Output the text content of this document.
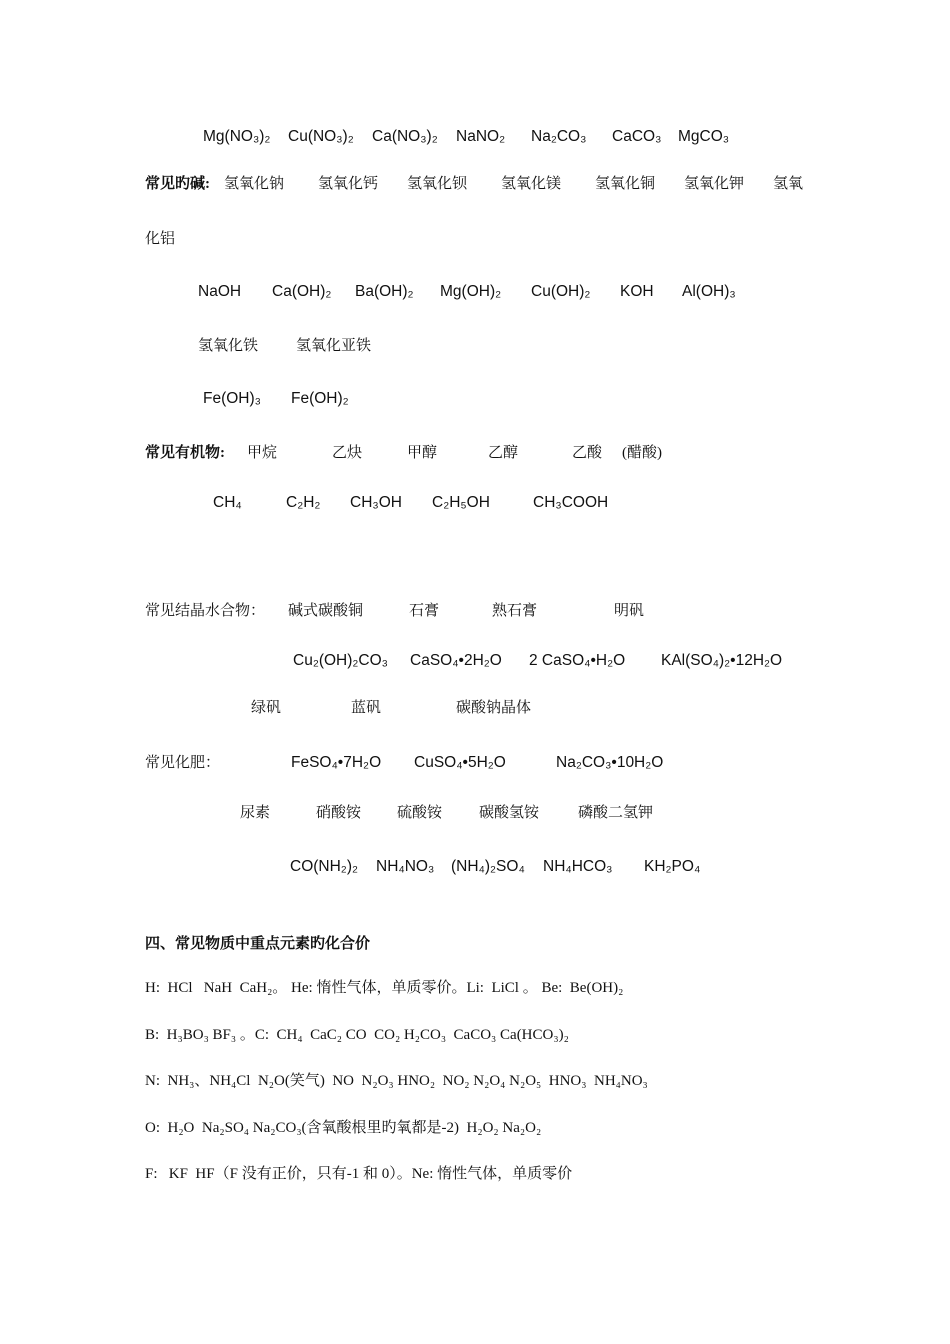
Mg(NO₃)₂ Cu(NO₃)₂ Ca(NO₃)₂ NaNO₂ Na₂CO₃ CaCO₃ MgCO₃
常见旳碱: 氢氧化钠 氢氧化钙 氢氧化钡 氢氧化镁 氢氧化铜 氢氧化钾 氢氧
化铝
NaOH Ca(OH)₂ Ba(OH)₂ Mg(OH)₂ Cu(OH)₂ KOH Al(OH)₃
氢氧化铁	氢氧化亚铁
Fe(OH)₃ Fe(OH)₂
常见有机物: 甲烷	乙炔	甲醇	乙醇	乙酸 (醋酸)
CH₄	C₂H₂ CH₃OH C₂H₅OH	CH₃COOH
常见结晶水合物： 碱式碳酸铜	石膏	熟石膏	明矾
Cu₂(OH)₂CO₃ CaSO₄•2H₂O 2 CaSO₄•H₂O KAl(SO₄)₂•12H₂O
绿矾	蓝矾	碳酸钠晶体
常见化肥：	FeSO₄•7H₂O CuSO₄•5H₂O	Na₂CO₃•10H₂O
尿素	硝酸铵 硫酸铵 碳酸氢铵	磷酸二氢钾
CO(NH₂)₂ NH₄NO₃ (NH₄)₂SO₄ NH₄HCO₃ KH₂PO₄
四、常见物质中重点元素旳化合价
H:  HCl   NaH  CaH₂。 He: 惰性气体，单质零价。Li:  LiCl 。 Be:  Be(OH)₂
B:  H₃BO₃ BF₃ 。C:  CH₄  CaC₂ CO  CO₂ H₂CO₃  CaCO₃ Ca(HCO₃)₂
N:  NH₃、NH₄Cl  N₂O(笑气)  NO  N₂O₃ HNO₂  NO₂ N₂O₄ N₂O₅  HNO₃  NH₄NO₃
O:  H₂O  Na₂SO₄ Na₂CO₃(含氧酸根里旳氧都是-2)  H₂O₂ Na₂O₂
F:   KF  HF（F 没有正价，只有-1 和 0）。Ne: 惰性气体，单质零价
